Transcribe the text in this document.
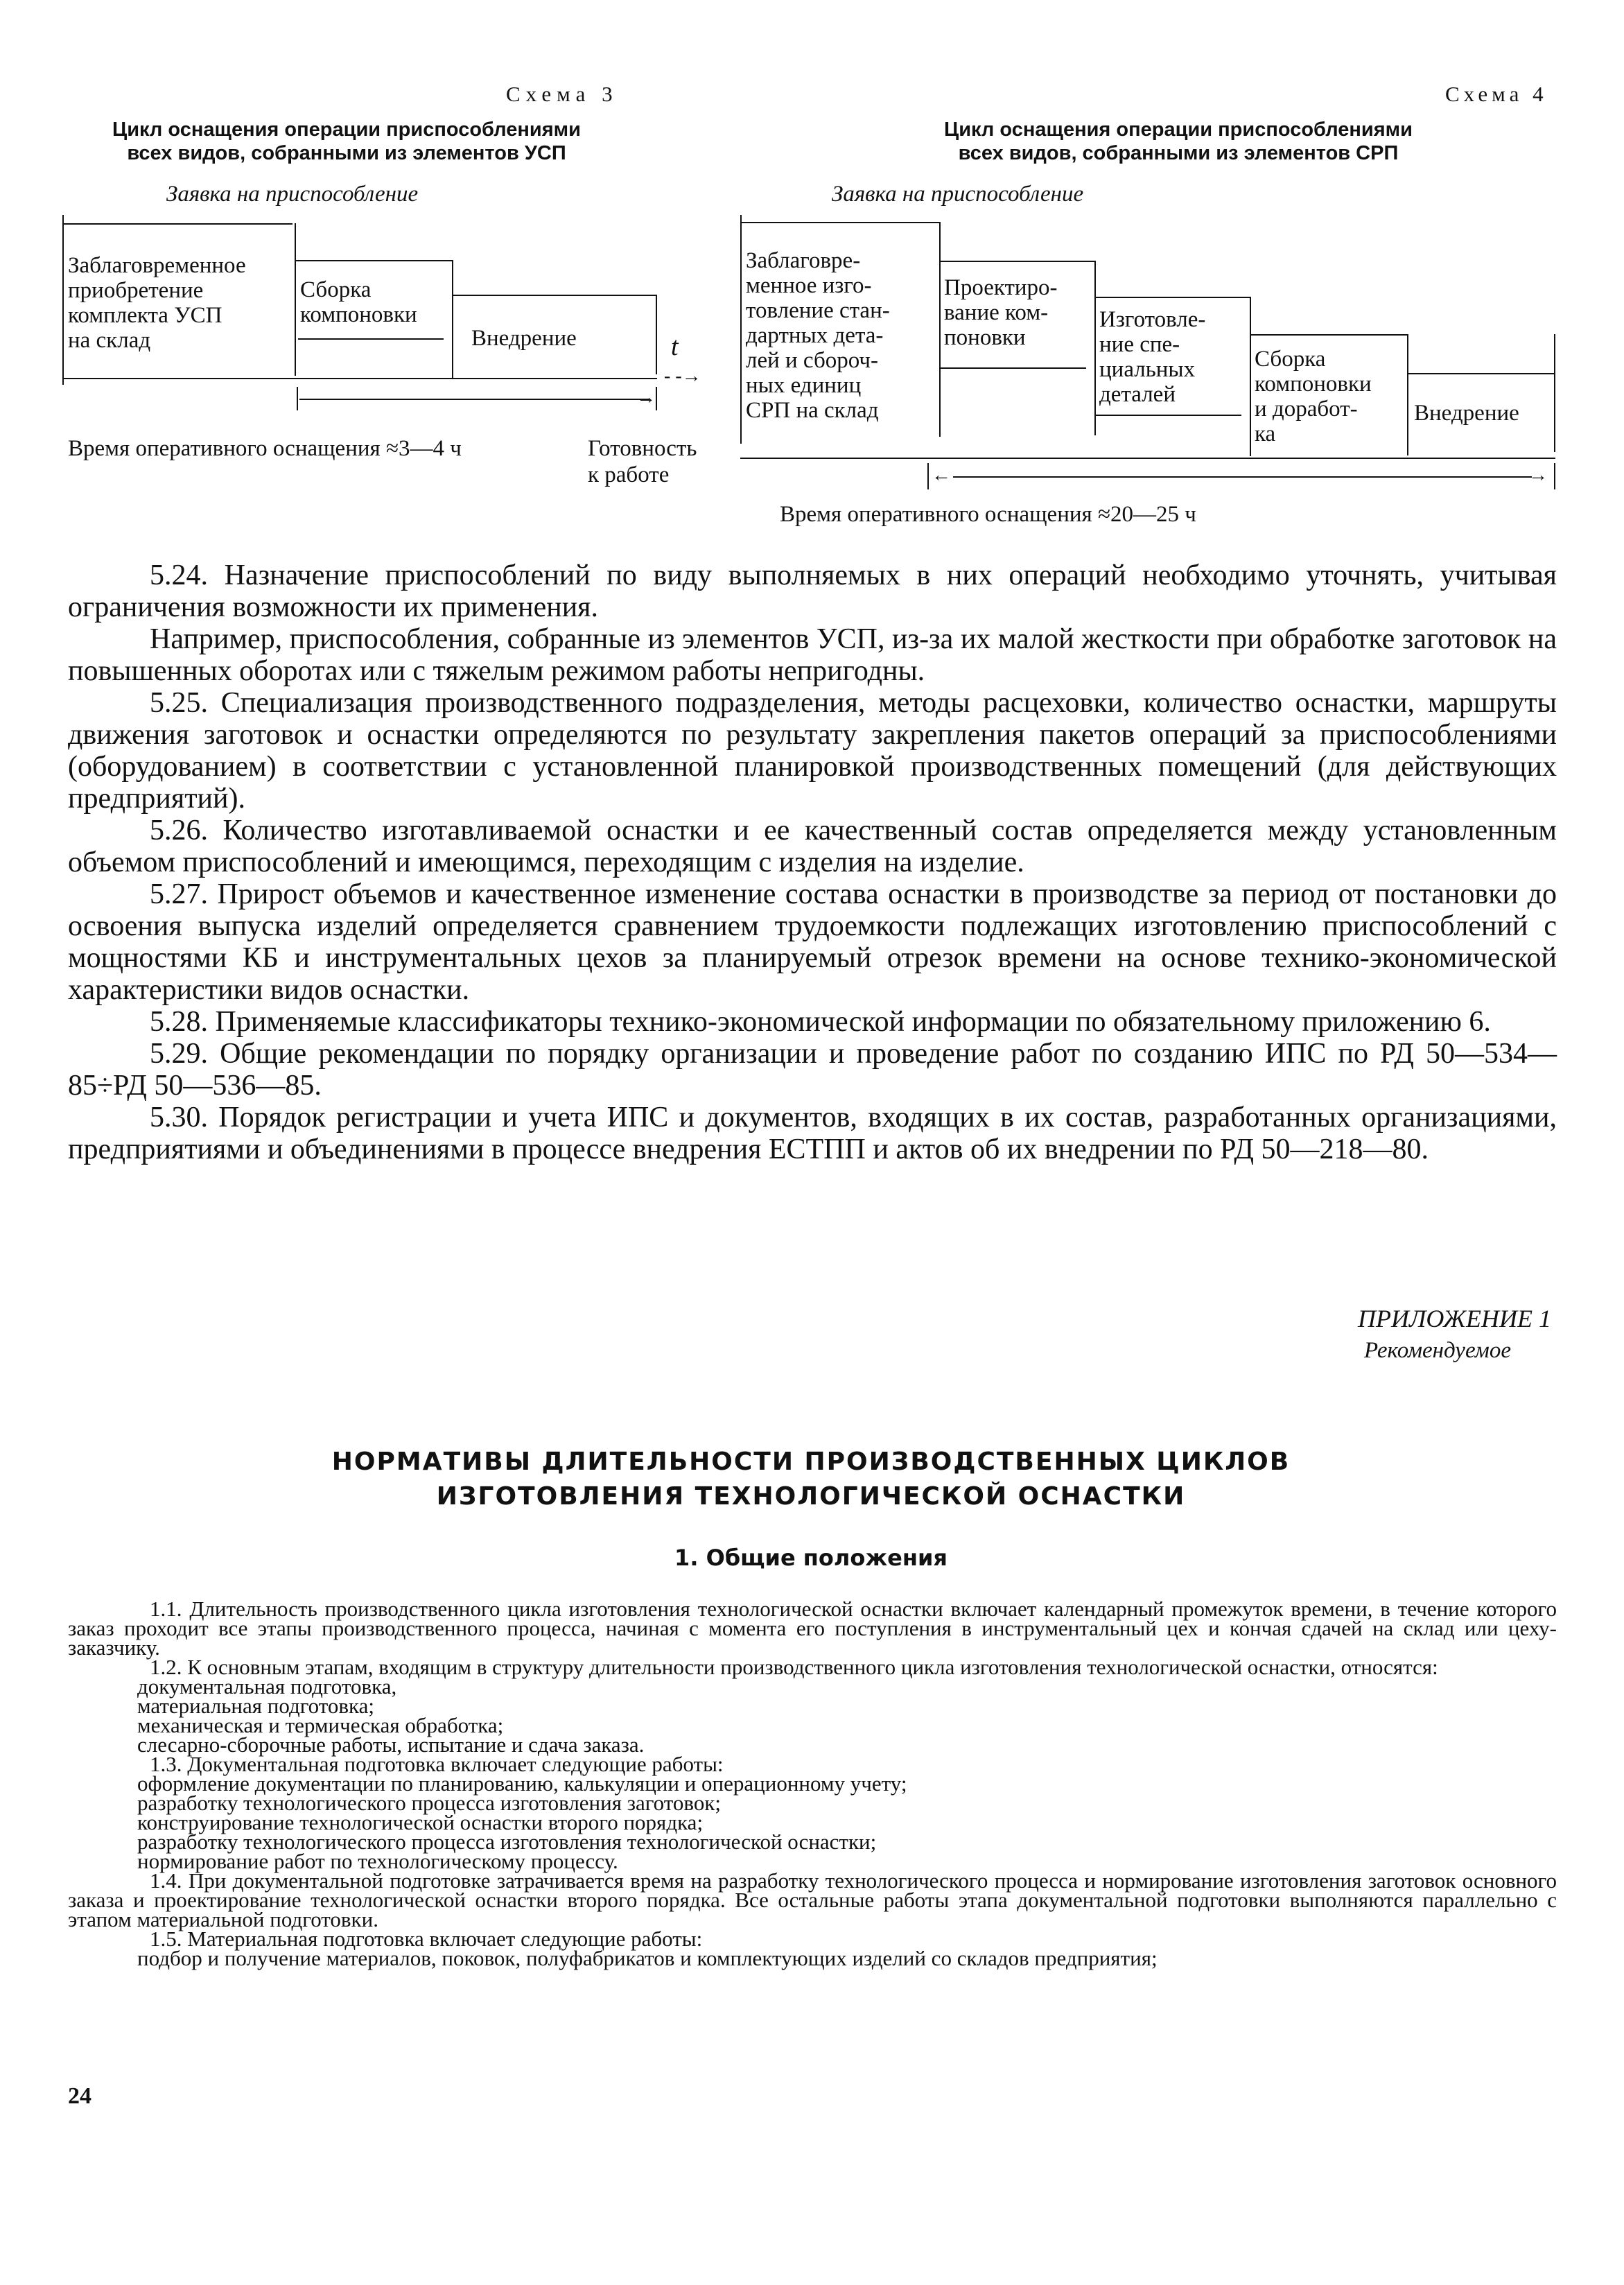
Схема 3
Цикл оснащения операции приспособлениями
всех видов, собранными из элементов УСП
Заявка на приспособление
Заблаговременное
приобретение
комплекта УСП
на склад
Сборка
компоновки
Внедрение	t
- -→
→
Время оперативного оснащения ≈3—4 ч	Готовность
к работе
Схема 4
Цикл оснащения операции приспособлениями
всех видов, собранными из элементов СРП
Заявка на приспособление
Заблаговре-
менное изго-
товление стан-
дартных дета-
лей и сбороч-
ных единиц
СРП на склад
Проектиро-
вание ком-
поновки
Изготовле-
ние спе-
циальных
деталей
Сборка
компоновки
и доработ-
ка
Внедрение
←	→
Время оперативного оснащения ≈20—25 ч

5.24. Назначение приспособлений по виду выполняемых в них операций необходимо уточнять, учитывая ограничения возможности их применения.

Например, приспособления, собранные из элементов УСП, из-за их малой жесткости при обработке заготовок на повышенных оборотах или с тяжелым режимом работы непригодны.

5.25. Специализация производственного подразделения, методы расцеховки, количество оснастки, маршруты движения заготовок и оснастки определяются по результату закрепления пакетов операций за приспособлениями (оборудованием) в соответствии с установленной планировкой производственных помещений (для действующих предприятий).

5.26. Количество изготавливаемой оснастки и ее качественный состав определяется между установленным объемом приспособлений и имеющимся, переходящим с изделия на изделие.

5.27. Прирост объемов и качественное изменение состава оснастки в производстве за период от постановки до освоения выпуска изделий определяется сравнением трудоемкости подлежащих изготовлению приспособлений с мощностями КБ и инструментальных цехов за планируемый отрезок времени на основе технико-экономической характеристики видов оснастки.

5.28. Применяемые классификаторы технико-экономической информации по обязательному приложению 6.

5.29. Общие рекомендации по порядку организации и проведение работ по созданию ИПС по РД 50—534—85÷РД 50—536—85.

5.30. Порядок регистрации и учета ИПС и документов, входящих в их состав, разработанных организациями, предприятиями и объединениями в процессе внедрения ЕСТПП и актов об их внедрении по РД 50—218—80.

ПРИЛОЖЕНИЕ 1
Рекомендуемое
НОРМАТИВЫ ДЛИТЕЛЬНОСТИ ПРОИЗВОДСТВЕННЫХ ЦИКЛОВ
ИЗГОТОВЛЕНИЯ ТЕХНОЛОГИЧЕСКОЙ ОСНАСТКИ
1. Общие положения

1.1. Длительность производственного цикла изготовления технологической оснастки включает календарный промежуток времени, в течение которого заказ проходит все этапы производственного процесса, начиная с момента его поступления в инструментальный цех и кончая сдачей на склад или цеху-заказчику.

1.2. К основным этапам, входящим в структуру длительности производственного цикла изготовления технологической оснастки, относятся:

документальная подготовка,

материальная подготовка;

механическая и термическая обработка;

слесарно-сборочные работы, испытание и сдача заказа.

1.3. Документальная подготовка включает следующие работы:

оформление документации по планированию, калькуляции и операционному учету;

разработку технологического процесса изготовления заготовок;

конструирование технологической оснастки второго порядка;

разработку технологического процесса изготовления технологической оснастки;

нормирование работ по технологическому процессу.

1.4. При документальной подготовке затрачивается время на разработку технологического процесса и нормирование изготовления заготовок основного заказа и проектирование технологической оснастки второго порядка. Все остальные работы этапа документальной подготовки выполняются параллельно с этапом материальной подготовки.

1.5. Материальная подготовка включает следующие работы:

подбор и получение материалов, поковок, полуфабрикатов и комплектующих изделий со складов предприятия;

24
